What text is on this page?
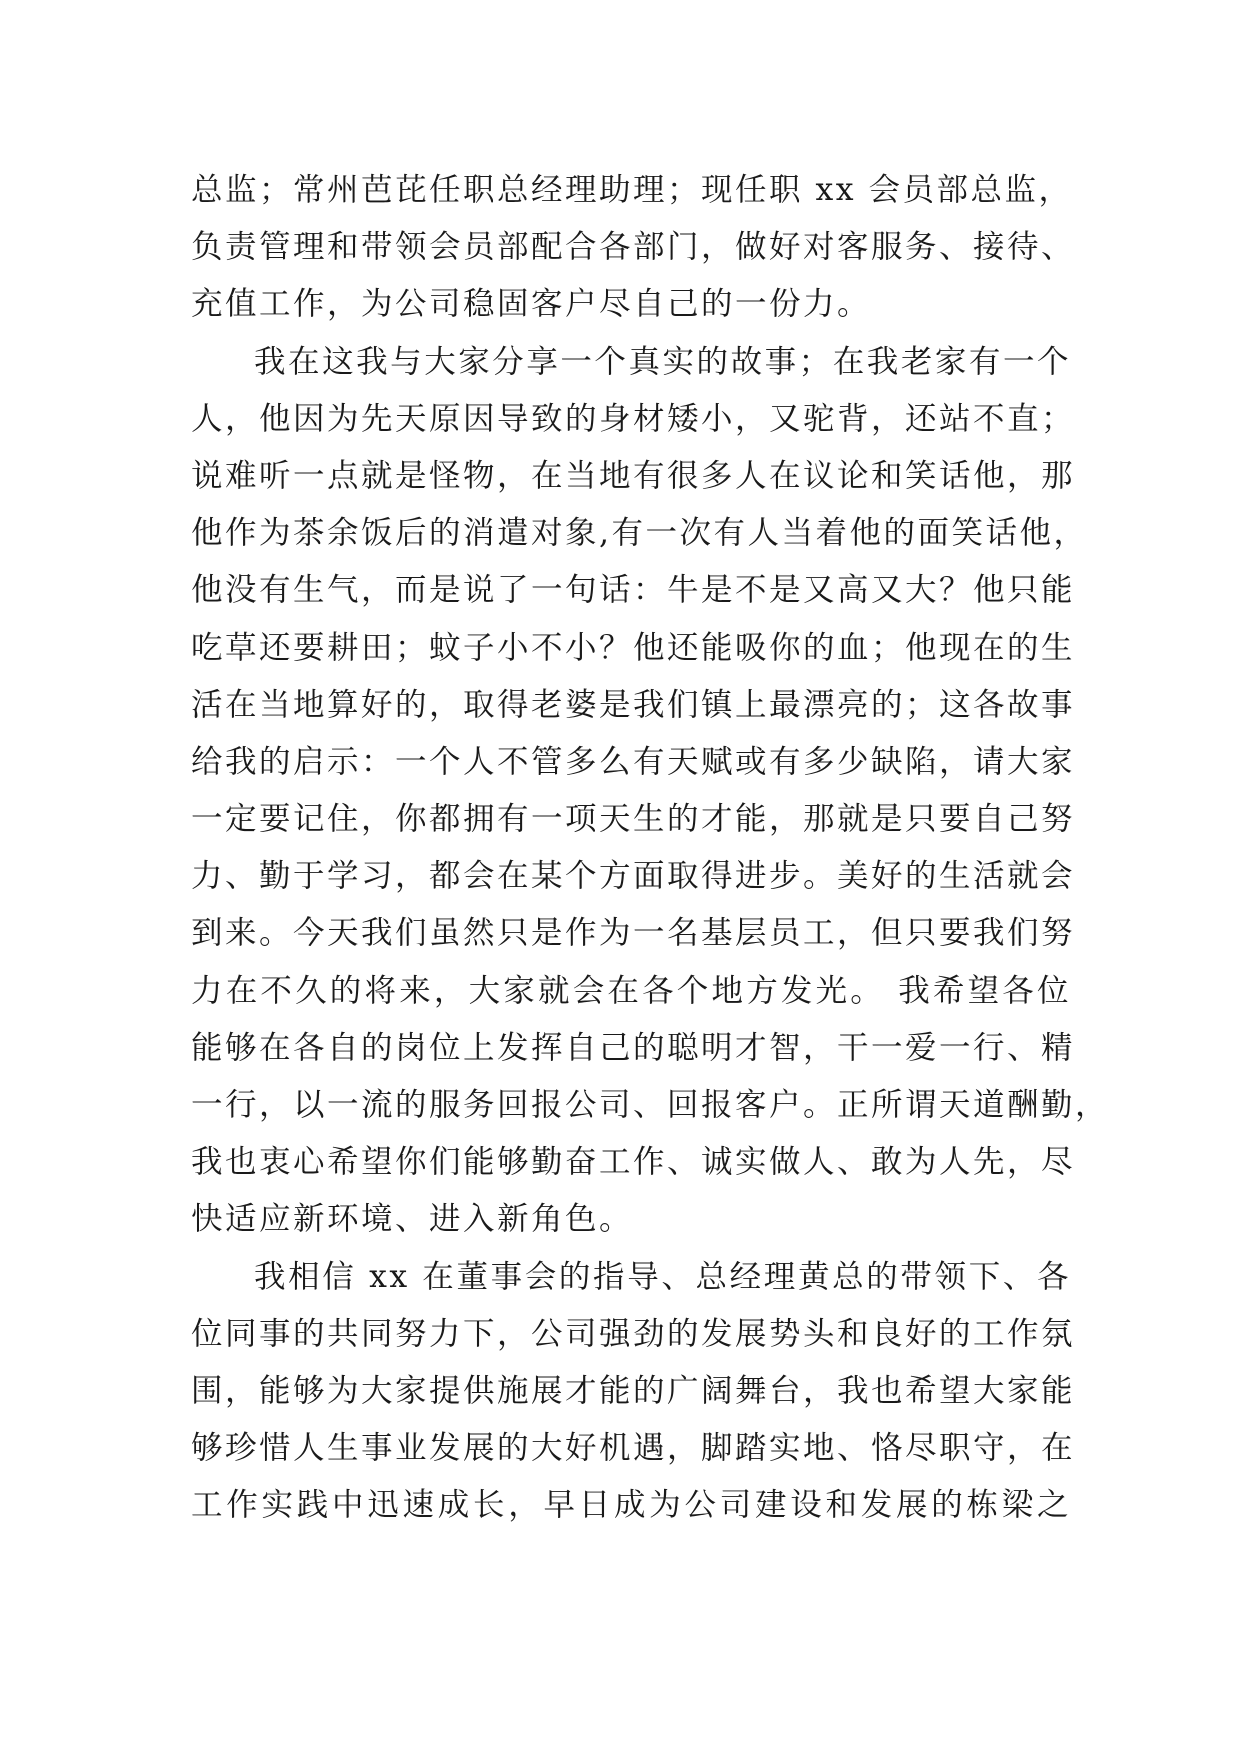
总监；常州芭芘任职总经理助理；现任职 xx 会员部总监，
负责管理和带领会员部配合各部门，做好对客服务、接待、
充值工作，为公司稳固客户尽自己的一份力。
我在这我与大家分享一个真实的故事；在我老家有一个
人，他因为先天原因导致的身材矮小，又驼背，还站不直；
说难听一点就是怪物，在当地有很多人在议论和笑话他，那
他作为茶余饭后的消遣对象,有一次有人当着他的面笑话他，
他没有生气，而是说了一句话：牛是不是又高又大？他只能
吃草还要耕田；蚊子小不小？他还能吸你的血；他现在的生
活在当地算好的，取得老婆是我们镇上最漂亮的；这各故事
给我的启示：一个人不管多么有天赋或有多少缺陷，请大家
一定要记住，你都拥有一项天生的才能，那就是只要自己努
力、勤于学习，都会在某个方面取得进步。美好的生活就会
到来。今天我们虽然只是作为一名基层员工，但只要我们努
力在不久的将来，大家就会在各个地方发光。 我希望各位
能够在各自的岗位上发挥自己的聪明才智，干一爱一行、精
一行，以一流的服务回报公司、回报客户。正所谓天道酬勤，
我也衷心希望你们能够勤奋工作、诚实做人、敢为人先，尽
快适应新环境、进入新角色。
我相信 xx 在董事会的指导、总经理黄总的带领下、各
位同事的共同努力下，公司强劲的发展势头和良好的工作氛
围，能够为大家提供施展才能的广阔舞台，我也希望大家能
够珍惜人生事业发展的大好机遇，脚踏实地、恪尽职守，在
工作实践中迅速成长，早日成为公司建设和发展的栋梁之
